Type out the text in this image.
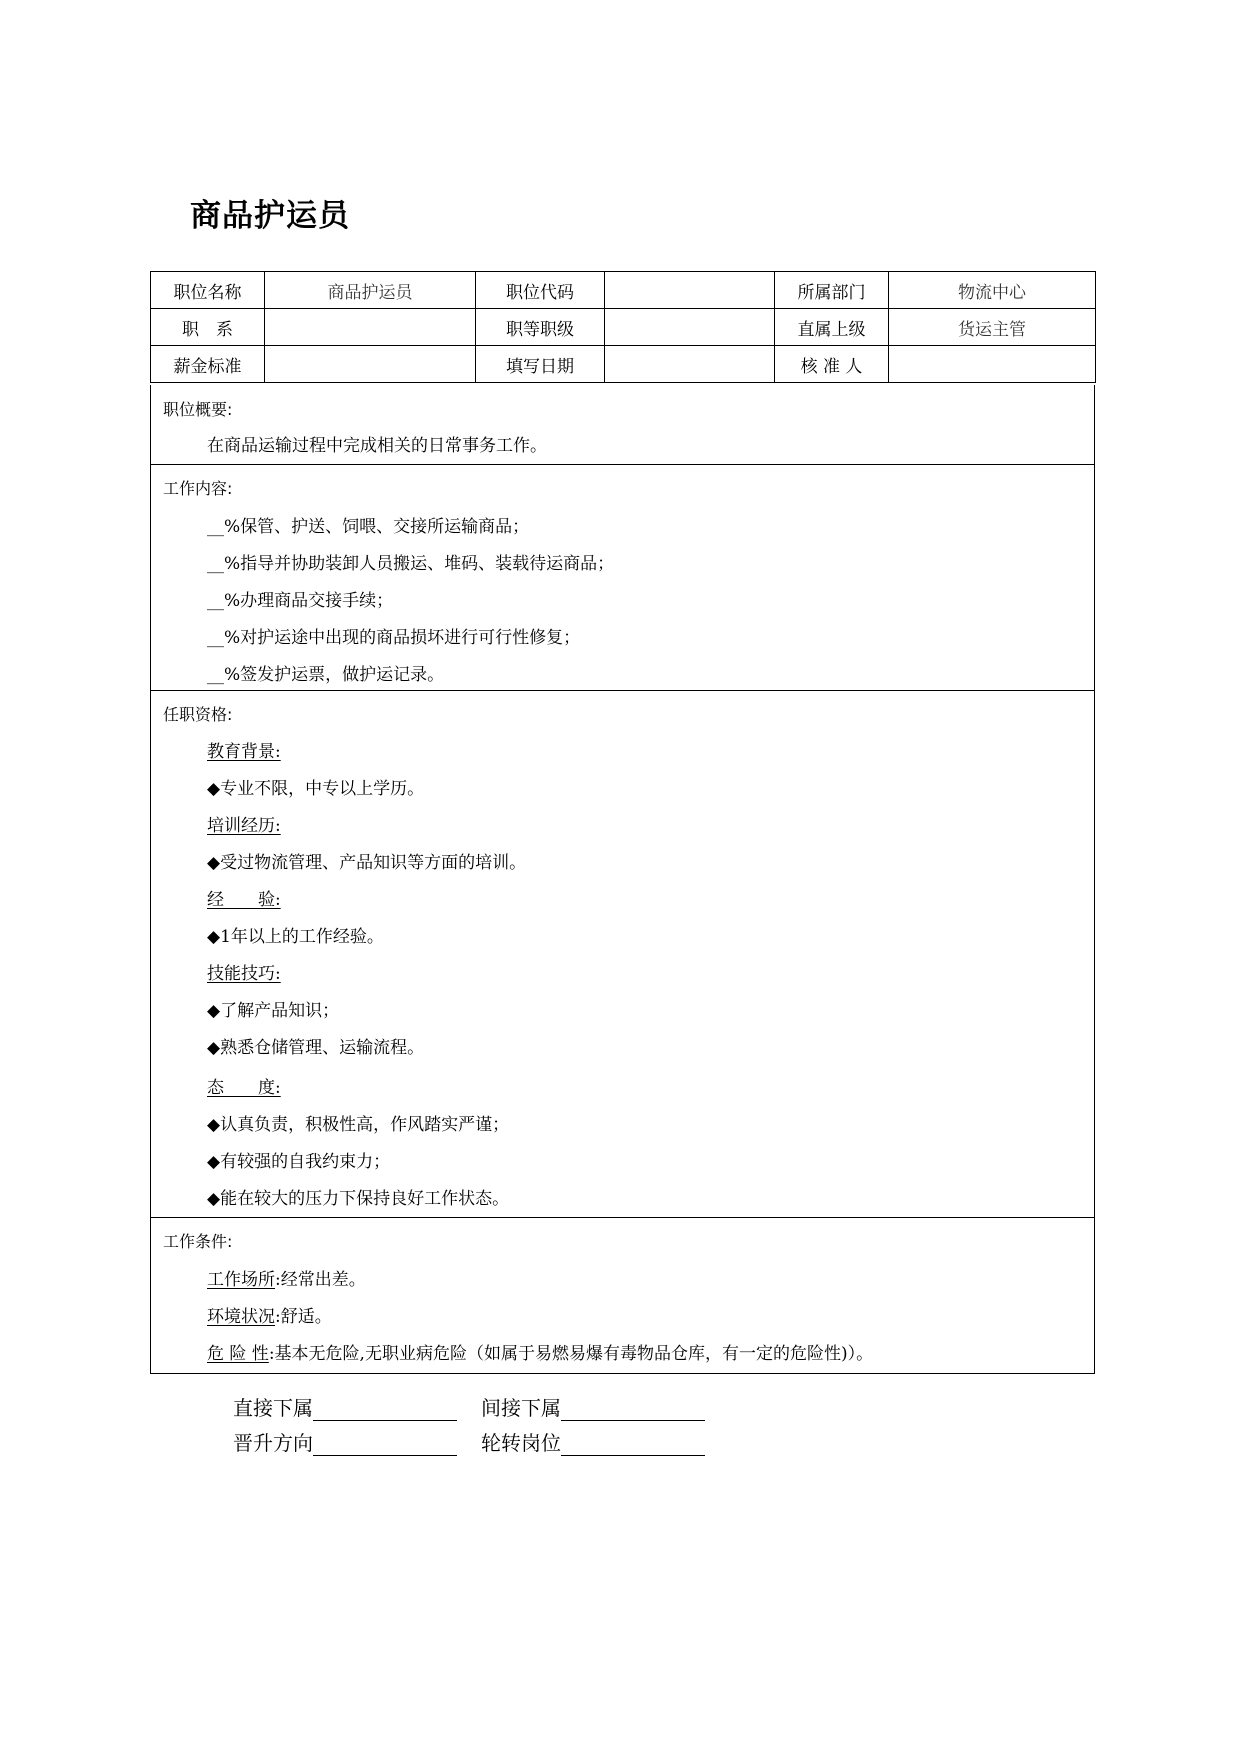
商品护运员
职位名称	商品护运员	职位代码		所属部门	物流中心
职　系		职等职级		直属上级	货运主管
薪金标准		填写日期		核 准 人	
职位概要:
在商品运输过程中完成相关的日常事务工作。
工作内容:
__%保管、护送、饲喂、交接所运输商品；
__%指导并协助装卸人员搬运、堆码、装载待运商品；
__%办理商品交接手续；
__%对护运途中出现的商品损坏进行可行性修复；
__%签发护运票，做护运记录。
任职资格:
教育背景:
◆专业不限，中专以上学历。
培训经历:
◆受过物流管理、产品知识等方面的培训。
经　　验:
◆1年以上的工作经验。
技能技巧:
◆了解产品知识；
◆熟悉仓储管理、运输流程。
态　　度:
◆认真负责，积极性高，作风踏实严谨；
◆有较强的自我约束力；
◆能在较大的压力下保持良好工作状态。
工作条件:
工作场所:经常出差。
环境状况:舒适。
危 险 性:基本无危险,无职业病危险（如属于易燃易爆有毒物品仓库，有一定的危险性)）。
直接下属	间接下属
晋升方向	轮转岗位
